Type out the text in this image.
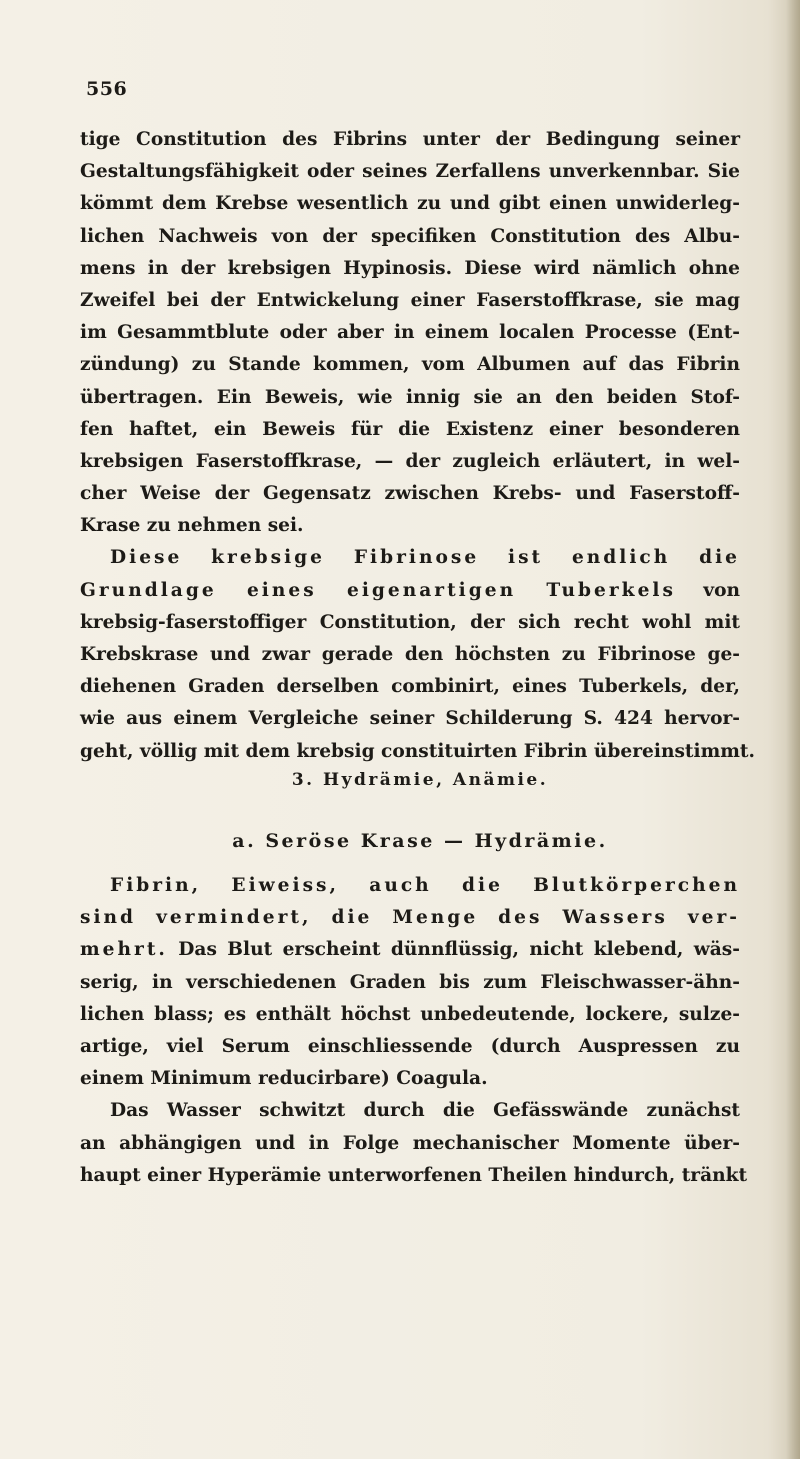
556
tige Constitution des Fibrins unter der Bedingung seiner
Gestaltungsfähigkeit oder seines Zerfallens unverkennbar. Sie
kömmt dem Krebse wesentlich zu und gibt einen unwiderleg-
lichen Nachweis von der specifiken Constitution des Albu-
mens in der krebsigen Hypinosis. Diese wird nämlich ohne
Zweifel bei der Entwickelung einer Faserstoffkrase, sie mag
im Gesammtblute oder aber in einem localen Processe (Ent-
zündung) zu Stande kommen, vom Albumen auf das Fibrin
übertragen. Ein Beweis, wie innig sie an den beiden Stof-
fen haftet, ein Beweis für die Existenz einer besonderen
krebsigen Faserstoffkrase, — der zugleich erläutert, in wel-
cher Weise der Gegensatz zwischen Krebs- und Faserstoff-
Krase zu nehmen sei.
Diese krebsige Fibrinose ist endlich die
Grundlage eines eigenartigen Tuberkels von
krebsig-faserstoffiger Constitution, der sich recht wohl mit
Krebskrase und zwar gerade den höchsten zu Fibrinose ge-
diehenen Graden derselben combinirt, eines Tuberkels, der,
wie aus einem Vergleiche seiner Schilderung S. 424 hervor-
geht, völlig mit dem krebsig constituirten Fibrin übereinstimmt.
3. Hydrämie, Anämie.
a. Seröse Krase — Hydrämie.
Fibrin, Eiweiss, auch die Blutkörperchen
sind vermindert, die Menge des Wassers ver-
mehrt. Das Blut erscheint dünnflüssig, nicht klebend, wäs-
serig, in verschiedenen Graden bis zum Fleischwasser-ähn-
lichen blass; es enthält höchst unbedeutende, lockere, sulze-
artige, viel Serum einschliessende (durch Auspressen zu
einem Minimum reducirbare) Coagula.
Das Wasser schwitzt durch die Gefässwände zunächst
an abhängigen und in Folge mechanischer Momente über-
haupt einer Hyperämie unterworfenen Theilen hindurch, tränkt
